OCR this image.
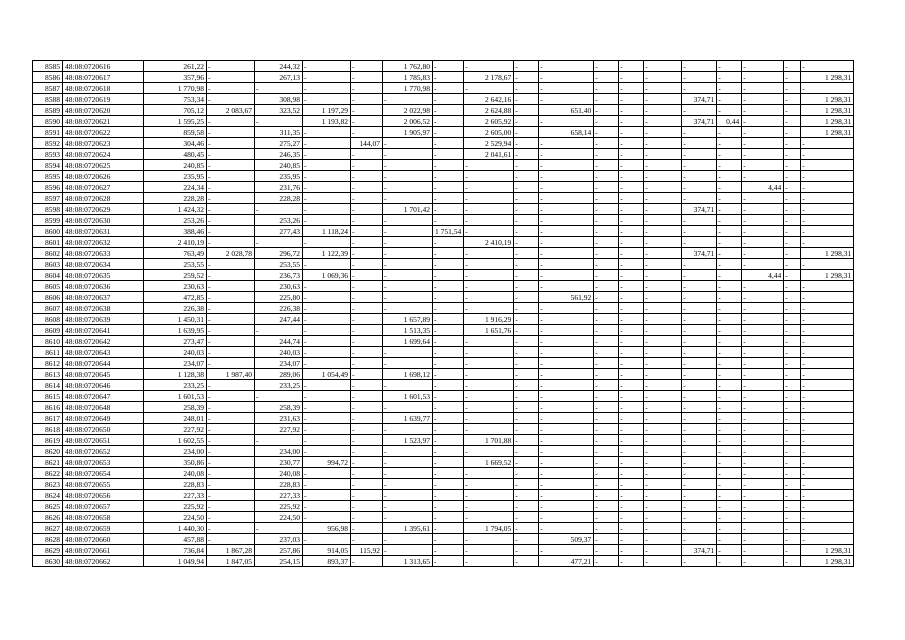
8585	48:08:0720616	261,22	-	244,32	-	-	1 762,80	-	-	-	-	-	-	-	-	-	-	-	-
8586	48:08:0720617	357,96	-	267,13	-	-	1 785,83	-	2 178,67	-	-	-	-	-	-	-	-	-	1 298,31
8587	48:08:0720618	1 770,98	-	-	-	-	1 770,98	-	-	-	-	-	-	-	-	-	-	-	-
8588	48:08:0720619	753,34	-	308,98	-	-	-	-	2 642,16	-	-	-	-	-	374,71	-	-	-	1 298,31
8589	48:08:0720620	705,12	2 083,67	323,52	1 197,29	-	2 022,98	-	2 624,88	-	651,40	-	-	-	-	-	-	-	1 298,31
8590	48:08:0720621	1 595,25	-	-	1 193,82	-	2 006,52	-	2 605,92	-	-	-	-	-	374,71	0,44	-	-	1 298,31
8591	48:08:0720622	859,58	-	311,35	-	-	1 905,97	-	2 605,00	-	658,14	-	-	-	-	-	-	-	1 298,31
8592	48:08:0720623	304,46	-	275,27	-	144,07	-	-	2 529,94	-	-	-	-	-	-	-	-	-	-
8593	48:08:0720624	480,45	-	246,35	-	-	-	-	2 041,61	-	-	-	-	-	-	-	-	-	-
8594	48:08:0720625	240,85	-	240,85	-	-	-	-	-	-	-	-	-	-	-	-	-	-	-
8595	48:08:0720626	235,95	-	235,95	-	-	-	-	-	-	-	-	-	-	-	-	-	-	-
8596	48:08:0720627	224,34	-	231,76	-	-	-	-	-	-	-	-	-	-	-	-	4,44	-	-
8597	48:08:0720628	228,28	-	228,28	-	-	-	-	-	-	-	-	-	-	-	-	-	-	-
8598	48:08:0720629	1 424,32	-	-	-	-	1 701,42	-	-	-	-	-	-	-	374,71	-	-	-	-
8599	48:08:0720630	253,26	-	253,26	-	-	-	-	-	-	-	-	-	-	-	-	-	-	-
8600	48:08:0720631	388,46	-	277,43	1 118,24	-	-	1 751,54	-	-	-	-	-	-	-	-	-	-	-
8601	48:08:0720632	2 410,19	-	-	-	-	-	-	2 410,19	-	-	-	-	-	-	-	-	-	-
8602	48:08:0720633	763,49	2 028,78	296,72	1 122,39	-	-	-	-	-	-	-	-	-	374,71	-	-	-	1 298,31
8603	48:08:0720634	253,55	-	253,55	-	-	-	-	-	-	-	-	-	-	-	-	-	-	-
8604	48:08:0720635	259,52	-	236,73	1 069,36	-	-	-	-	-	-	-	-	-	-	-	4,44	-	1 298,31
8605	48:08:0720636	230,63	-	230,63	-	-	-	-	-	-	-	-	-	-	-	-	-	-	-
8606	48:08:0720637	472,85	-	225,80	-	-	-	-	-	-	561,92	-	-	-	-	-	-	-	-
8607	48:08:0720638	226,38	-	226,38	-	-	-	-	-	-	-	-	-	-	-	-	-	-	-
8608	48:08:0720639	1 450,31	-	247,44	-	-	1 657,89	-	1 916,29	-	-	-	-	-	-	-	-	-	-
8609	48:08:0720641	1 639,95	-	-	-	-	1 513,35	-	1 651,76	-	-	-	-	-	-	-	-	-	-
8610	48:08:0720642	273,47	-	244,74	-	-	1 699,64	-	-	-	-	-	-	-	-	-	-	-	-
8611	48:08:0720643	240,03	-	240,03	-	-	-	-	-	-	-	-	-	-	-	-	-	-	-
8612	48:08:0720644	234,07	-	234,07	-	-	-	-	-	-	-	-	-	-	-	-	-	-	-
8613	48:08:0720645	1 128,38	1 987,40	289,06	1 054,49	-	1 698,12	-	-	-	-	-	-	-	-	-	-	-	-
8614	48:08:0720646	233,25	-	233,25	-	-	-	-	-	-	-	-	-	-	-	-	-	-	-
8615	48:08:0720647	1 601,53	-	-	-	-	1 601,53	-	-	-	-	-	-	-	-	-	-	-	-
8616	48:08:0720648	258,39	-	258,39	-	-	-	-	-	-	-	-	-	-	-	-	-	-	-
8617	48:08:0720649	248,01	-	231,63	-	-	1 639,77	-	-	-	-	-	-	-	-	-	-	-	-
8618	48:08:0720650	227,92	-	227,92	-	-	-	-	-	-	-	-	-	-	-	-	-	-	-
8619	48:08:0720651	1 602,55	-	-	-	-	1 523,97	-	1 701,88	-	-	-	-	-	-	-	-	-	-
8620	48:08:0720652	234,00	-	234,00	-	-	-	-	-	-	-	-	-	-	-	-	-	-	-
8621	48:08:0720653	350,86	-	230,77	994,72	-	-	-	1 669,52	-	-	-	-	-	-	-	-	-	-
8622	48:08:0720654	240,08	-	240,08	-	-	-	-	-	-	-	-	-	-	-	-	-	-	-
8623	48:08:0720655	228,83	-	228,83	-	-	-	-	-	-	-	-	-	-	-	-	-	-	-
8624	48:08:0720656	227,33	-	227,33	-	-	-	-	-	-	-	-	-	-	-	-	-	-	-
8625	48:08:0720657	225,92	-	225,92	-	-	-	-	-	-	-	-	-	-	-	-	-	-	-
8626	48:08:0720658	224,50	-	224,50	-	-	-	-	-	-	-	-	-	-	-	-	-	-	-
8627	48:08:0720659	1 440,30	-	-	956,98	-	1 395,61	-	1 794,05	-	-	-	-	-	-	-	-	-	-
8628	48:08:0720660	457,88	-	237,03	-	-	-	-	-	-	509,37	-	-	-	-	-	-	-	-
8629	48:08:0720661	736,84	1 867,28	257,86	914,05	115,92	-	-	-	-	-	-	-	-	374,71	-	-	-	1 298,31
8630	48:08:0720662	1 049,94	1 847,05	254,15	893,37	-	1 313,65	-	-	-	477,21	-	-	-	-	-	-	-	1 298,31
